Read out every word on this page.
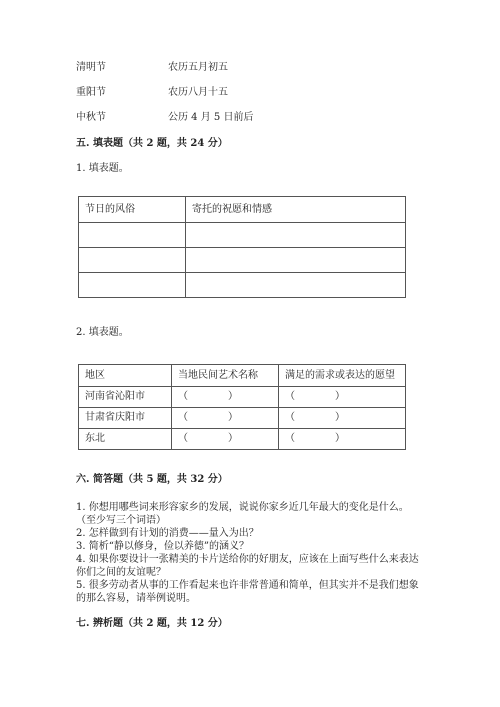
清明节	农历五月初五
重阳节	农历八月十五
中秋节	公历 4 月 5 日前后
五. 填表题（共 2 题，共 24 分）
1. 填表题。
节日的风俗	寄托的祝愿和情感

2. 填表题。
地区	当地民间艺术名称	满足的需求或表达的愿望
河南省沁阳市	（　　　　）	（　　　　）
甘肃省庆阳市	（　　　　）	（　　　　）
东北	（　　　　）	（　　　　）
六. 简答题（共 5 题，共 32 分）
1. 你想用哪些词来形容家乡的发展，说说你家乡近几年最大的变化是什么。
（至少写三个词语）
2. 怎样做到有计划的消费——量入为出？
3. 简析“静以修身，俭以养德”的涵义？
4. 如果你要设计一张精美的卡片送给你的好朋友，应该在上面写些什么来表达
你们之间的友谊呢？
5. 很多劳动者从事的工作看起来也许非常普通和简单，但其实并不是我们想象
的那么容易，请举例说明。
七. 辨析题（共 2 题，共 12 分）
